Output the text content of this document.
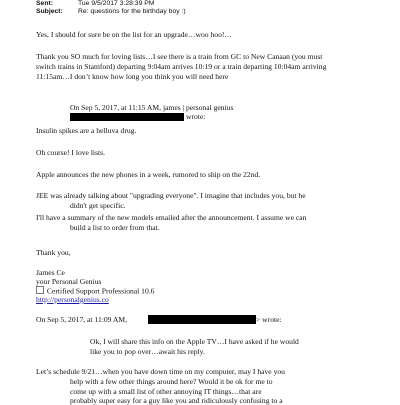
Sent:	Tue 9/5/2017 3:28:39 PM
Subject: Re: questions for the birthday boy :)
Yes, I should for sure be on the list for an upgrade…woo hoo!…
Thank you SO much for loving lists…I see there is a train from GC to New Canaan (you must
switch trains in Stamford) departing 9:04am arrives 10:19 or a train departing 10:04am arriving
11:15am…I don’t know how long you think you will need here
On Sep 5, 2017, at 11:15 AM, james | personal genius
wrote:
Insulin spikes are a helluva drug.
Oh course! I love lists.
Apple announces the new phones in a week, rumored to ship on the 22nd.
JEE was already talking about "upgrading everyone". I imagine that includes you, but he
didn't get specific.
I'll have a summary of the new models emailed after the announcement. I assume we can
build a list to order from that.
Thank you,
James Ce
your Personal Genius
Certified Support Professional 10.6
http://personalgenius.co
On Sep 5, 2017, at 11:09 AM,	> wrote:
Ok, I will share this info on the Apple TV…I have asked if he would
like you to pop over…await his reply.
Let’s schedule 9/21…when you have down time on my computer, may I have you
help with a few other things around here? Would it be ok for me to
come up with a small list of other annoying IT things…that are
probably super easy for a guy like you and ridiculously confusing to a
